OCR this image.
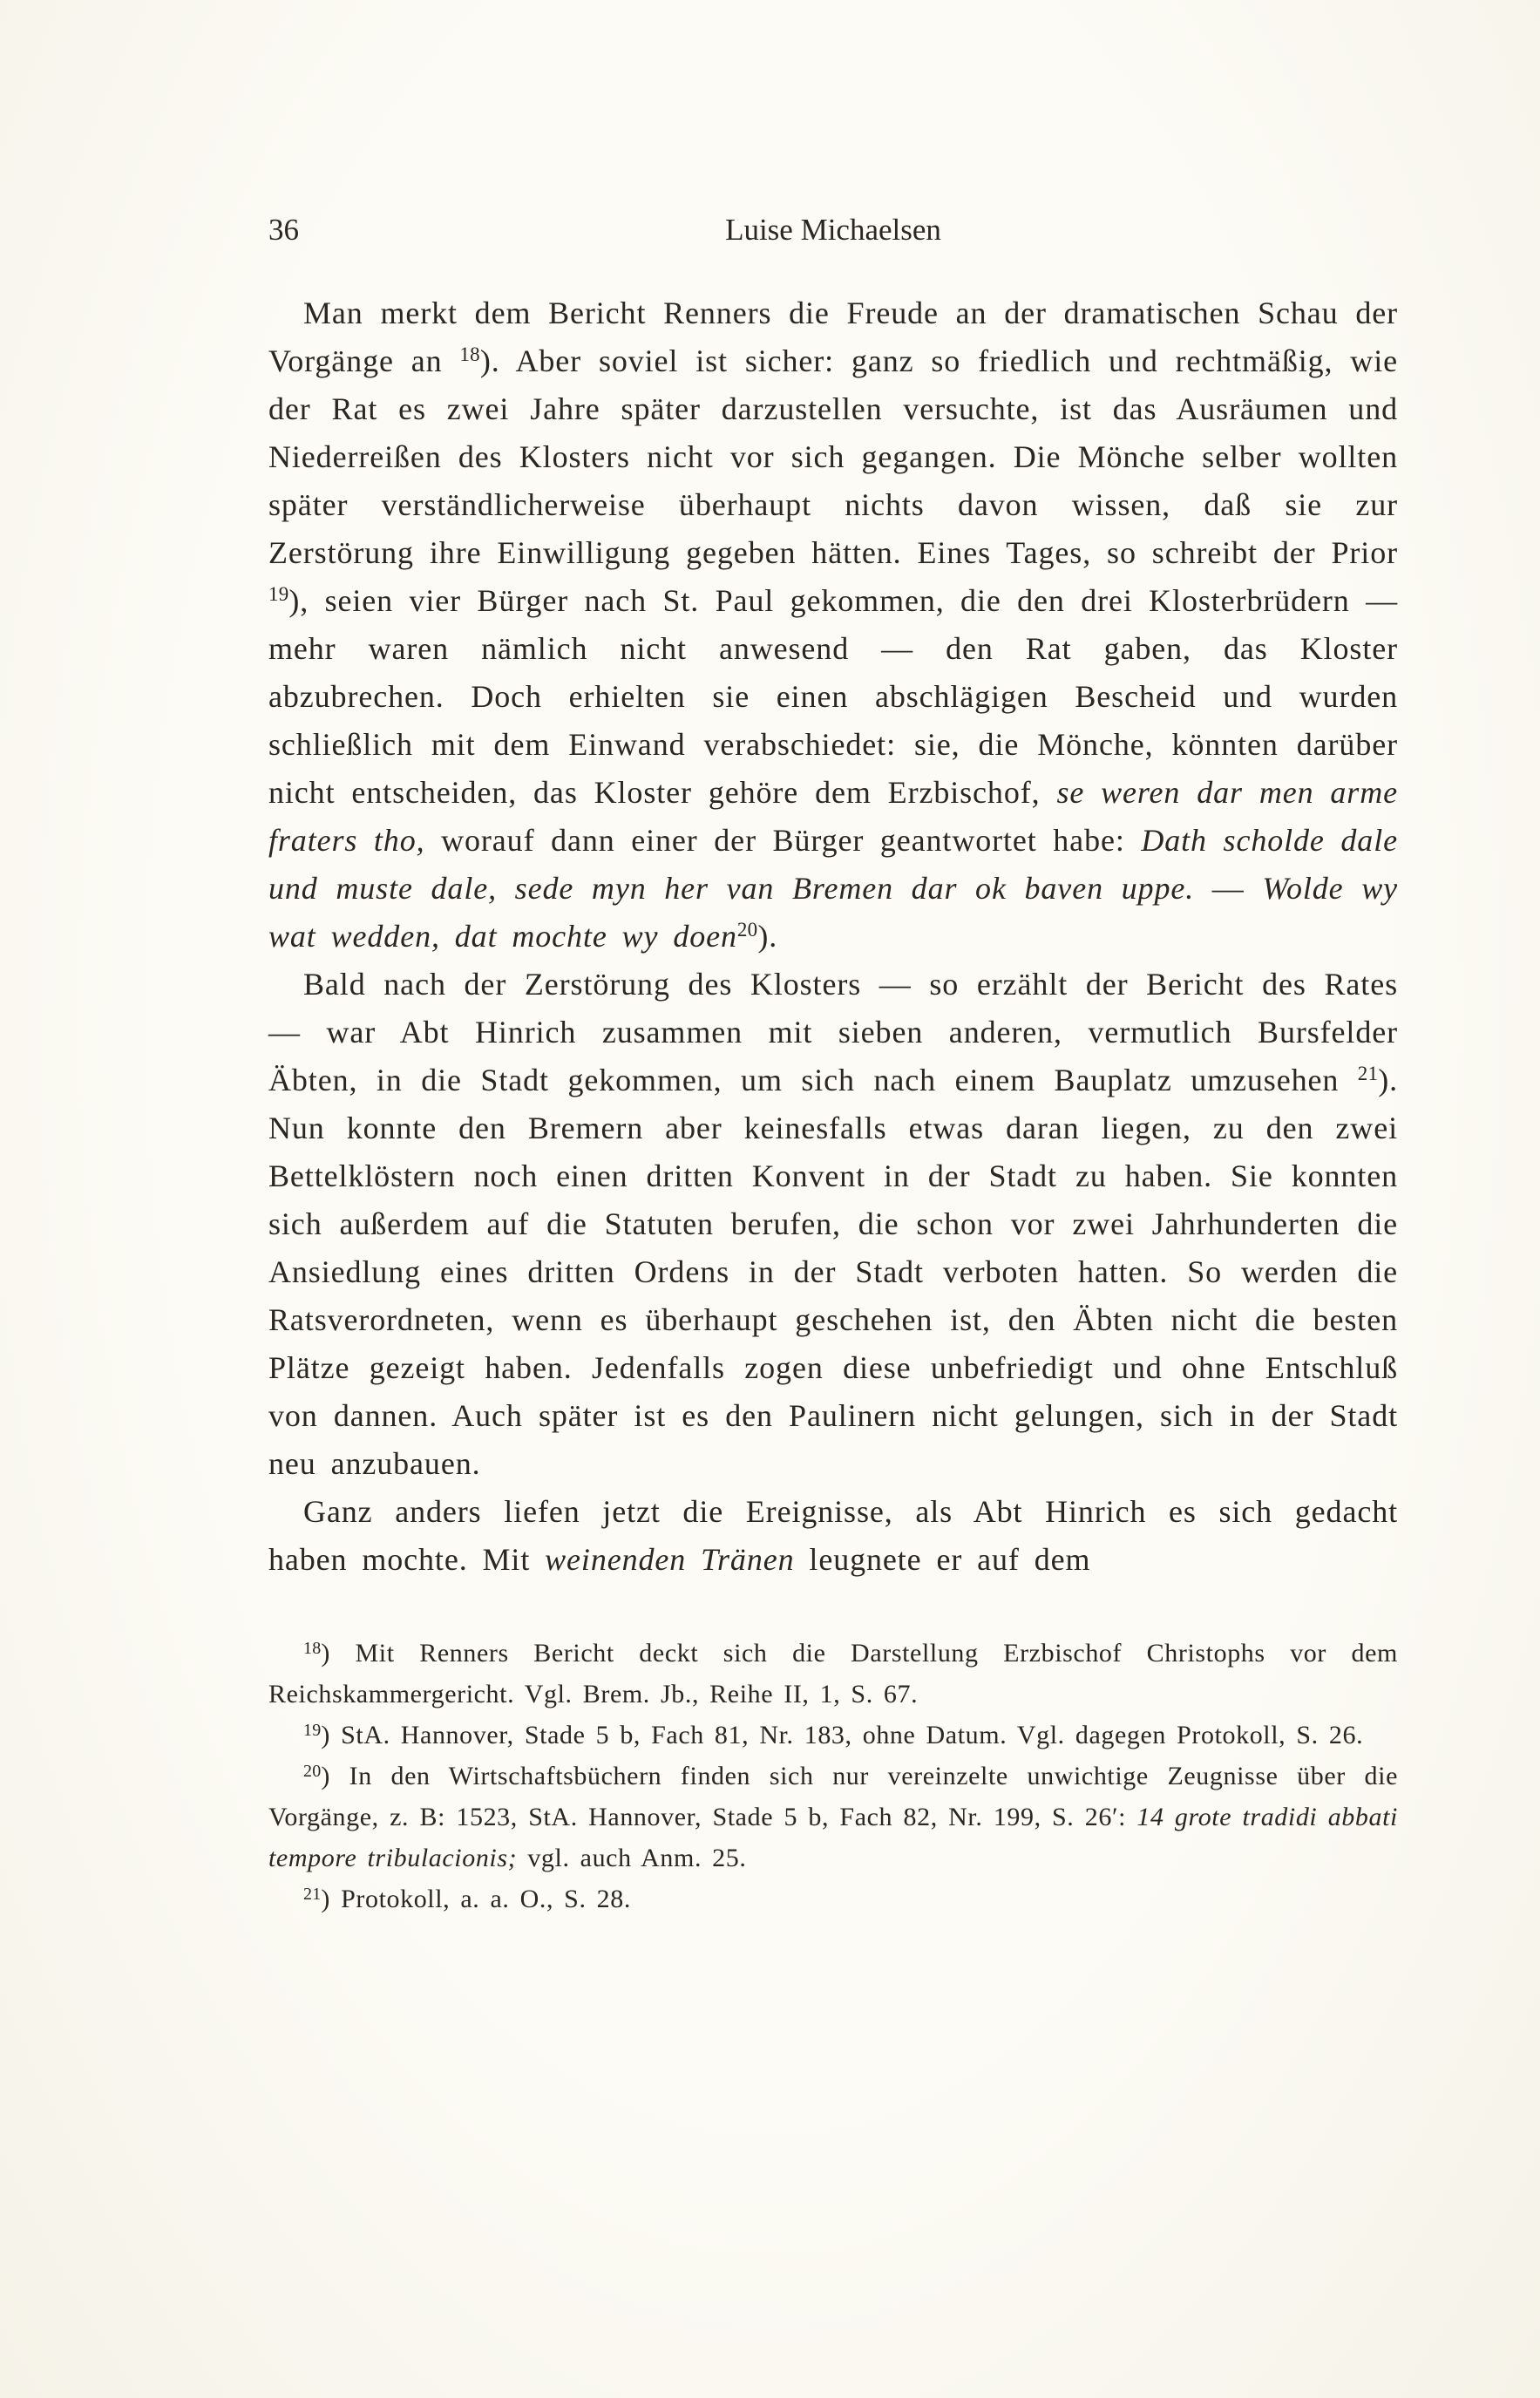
36	Luise Michaelsen

Man merkt dem Bericht Renners die Freude an der dramatischen Schau der Vorgänge an $^{18}$). Aber soviel ist sicher: ganz so friedlich und rechtmäßig, wie der Rat es zwei Jahre später darzustellen versuchte, ist das Ausräumen und Niederreißen des Klosters nicht vor sich gegangen. Die Mönche selber wollten später verständlicherweise überhaupt nichts davon wissen, daß sie zur Zerstörung ihre Einwilligung gegeben hätten. Eines Tages, so schreibt der Prior $^{19}$), seien vier Bürger nach St. Paul gekommen, die den drei Klosterbrüdern — mehr waren nämlich nicht anwesend — den Rat gaben, das Kloster abzubrechen. Doch erhielten sie einen abschlägigen Bescheid und wurden schließlich mit dem Einwand verabschiedet: sie, die Mönche, könnten darüber nicht entscheiden, das Kloster gehöre dem Erzbischof, se weren dar men arme fraters tho, worauf dann einer der Bürger geantwortet habe: Dath scholde dale und muste dale, sede myn her van Bremen dar ok baven uppe. — Wolde wy wat wedden, dat mochte wy doen$^{20}$).

Bald nach der Zerstörung des Klosters — so erzählt der Bericht des Rates — war Abt Hinrich zusammen mit sieben anderen, vermutlich Bursfelder Äbten, in die Stadt gekommen, um sich nach einem Bauplatz umzusehen $^{21}$). Nun konnte den Bremern aber keinesfalls etwas daran liegen, zu den zwei Bettelklöstern noch einen dritten Konvent in der Stadt zu haben. Sie konnten sich außerdem auf die Statuten berufen, die schon vor zwei Jahrhunderten die Ansiedlung eines dritten Ordens in der Stadt verboten hatten. So werden die Ratsverordneten, wenn es überhaupt geschehen ist, den Äbten nicht die besten Plätze gezeigt haben. Jedenfalls zogen diese unbefriedigt und ohne Entschluß von dannen. Auch später ist es den Paulinern nicht gelungen, sich in der Stadt neu anzubauen.

Ganz anders liefen jetzt die Ereignisse, als Abt Hinrich es sich gedacht haben mochte. Mit weinenden Tränen leugnete er auf dem

$^{18}$) Mit Renners Bericht deckt sich die Darstellung Erzbischof Christophs vor dem Reichskammergericht. Vgl. Brem. Jb., Reihe II, 1, S. 67.

$^{19}$) StA. Hannover, Stade 5 b, Fach 81, Nr. 183, ohne Datum. Vgl. dagegen Protokoll, S. 26.

$^{20}$) In den Wirtschaftsbüchern finden sich nur vereinzelte unwichtige Zeugnisse über die Vorgänge, z. B: 1523, StA. Hannover, Stade 5 b, Fach 82, Nr. 199, S. 26′: 14 grote tradidi abbati tempore tribulacionis; vgl. auch Anm. 25.

$^{21}$) Protokoll, a. a. O., S. 28.
